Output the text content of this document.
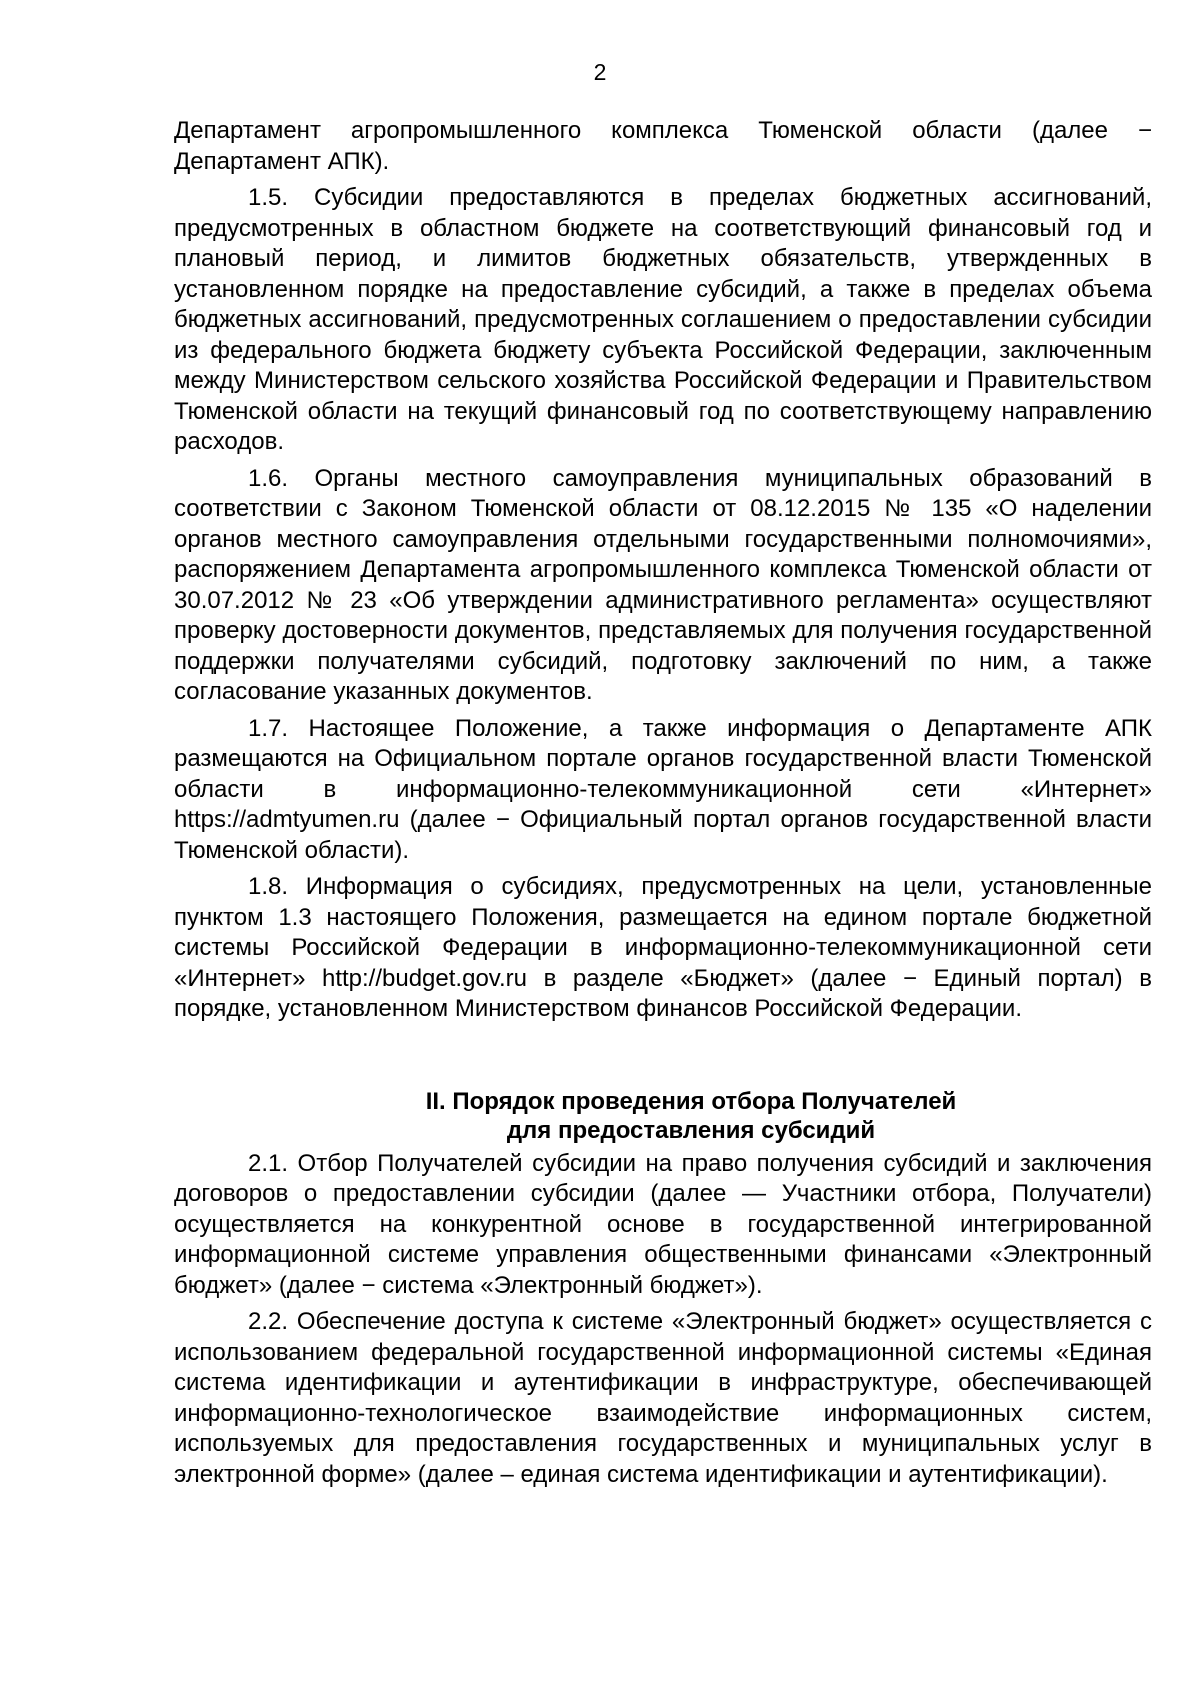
2

Департамент агропромышленного комплекса Тюменской области (далее − Департамент АПК).

1.5. Субсидии предоставляются в пределах бюджетных ассигнований, предусмотренных в областном бюджете на соответствующий финансовый год и плановый период, и лимитов бюджетных обязательств, утвержденных в установленном порядке на предоставление субсидий, а также в пределах объема бюджетных ассигнований, предусмотренных соглашением о предоставлении субсидии из федерального бюджета бюджету субъекта Российской Федерации, заключенным между Министерством сельского хозяйства Российской Федерации и Правительством Тюменской области на текущий финансовый год по соответствующему направлению расходов.

1.6. Органы местного самоуправления муниципальных образований в соответствии с Законом Тюменской области от 08.12.2015 № 135 «О наделении органов местного самоуправления отдельными государственными полномочиями», распоряжением Департамента агропромышленного комплекса Тюменской области от 30.07.2012 № 23 «Об утверждении административного регламента» осуществляют проверку достоверности документов, представляемых для получения государственной поддержки получателями субсидий, подготовку заключений по ним, а также согласование указанных документов.

1.7. Настоящее Положение, а также информация о Департаменте АПК размещаются на Официальном портале органов государственной власти Тюменской области в информационно-телекоммуникационной сети «Интернет» https://admtyumen.ru (далее − Официальный портал органов государственной власти Тюменской области).

1.8. Информация о субсидиях, предусмотренных на цели, установленные пунктом 1.3 настоящего Положения, размещается на едином портале бюджетной системы Российской Федерации в информационно-телекоммуникационной сети «Интернет» http://budget.gov.ru в разделе «Бюджет» (далее − Единый портал) в порядке, установленном Министерством финансов Российской Федерации.

II. Порядок проведения отбора Получателей
для предоставления субсидий

2.1. Отбор Получателей субсидии на право получения субсидий и заключения договоров о предоставлении субсидии (далее — Участники отбора, Получатели) осуществляется на конкурентной основе в государственной интегрированной информационной системе управления общественными финансами «Электронный бюджет» (далее − система «Электронный бюджет»).

2.2. Обеспечение доступа к системе «Электронный бюджет» осуществляется с использованием федеральной государственной информационной системы «Единая система идентификации и аутентификации в инфраструктуре, обеспечивающей информационно-технологическое взаимодействие информационных систем, используемых для предоставления государственных и муниципальных услуг в электронной форме» (далее – единая система идентификации и аутентификации).
